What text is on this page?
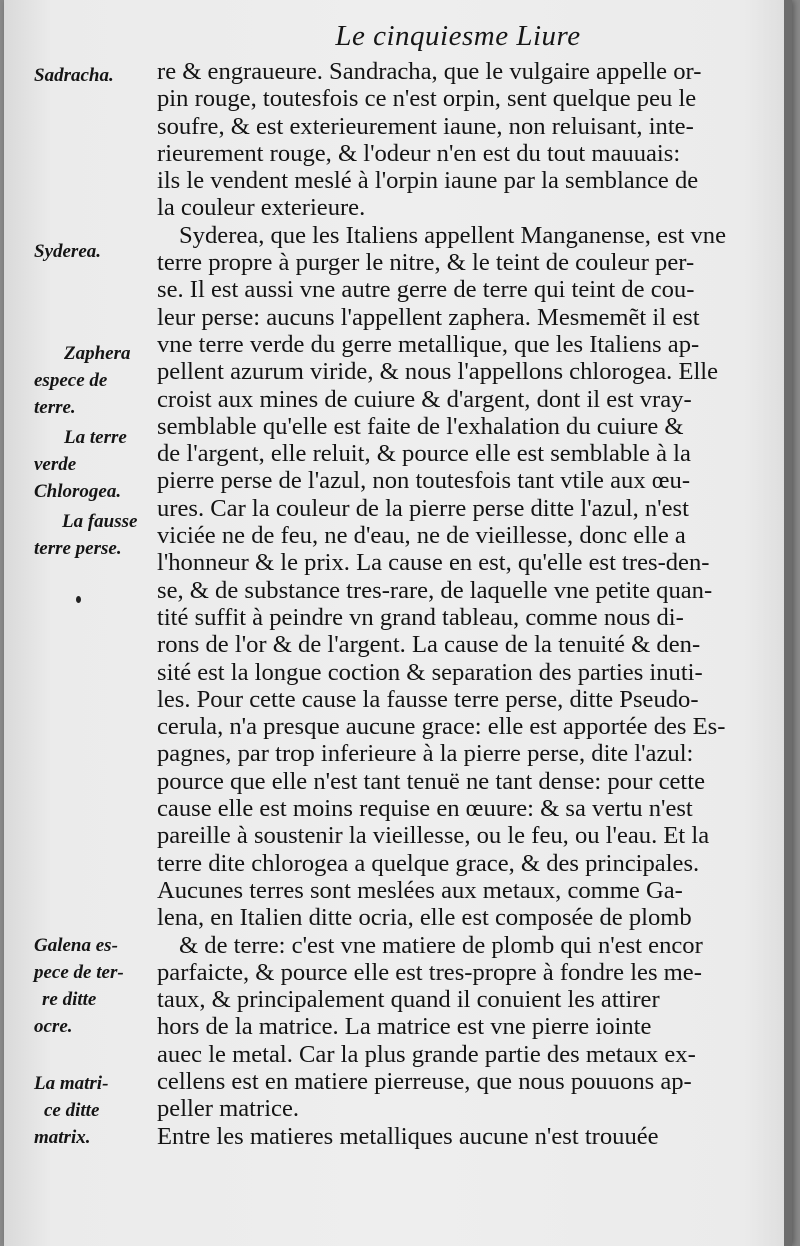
Le cinquiesme Liure
re & engraueure. Sandracha, que le vulgaire appelle or-
pin rouge, toutesfois ce n'est orpin, sent quelque peu le
soufre, & est exterieurement iaune, non reluisant, inte-
rieurement rouge, & l'odeur n'en est du tout mauuais:
ils le vendent meslé à l'orpin iaune par la semblance de
la couleur exterieure.
Syderea, que les Italiens appellent Manganense, est vne
terre propre à purger le nitre, & le teint de couleur per-
se. Il est aussi vne autre gerre de terre qui teint de cou-
leur perse: aucuns l'appellent zaphera. Mesmemẽt il est
vne terre verde du gerre metallique, que les Italiens ap-
pellent azurum viride, & nous l'appellons chlorogea. Elle
croist aux mines de cuiure & d'argent, dont il est vray-
semblable qu'elle est faite de l'exhalation du cuiure &
de l'argent, elle reluit, & pource elle est semblable à la
pierre perse de l'azul, non toutesfois tant vtile aux œu-
ures. Car la couleur de la pierre perse ditte l'azul, n'est
viciée ne de feu, ne d'eau, ne de vieillesse, donc elle a
l'honneur & le prix. La cause en est, qu'elle est tres-den-
se, & de substance tres-rare, de laquelle vne petite quan-
tité suffit à peindre vn grand tableau, comme nous di-
rons de l'or & de l'argent. La cause de la tenuité & den-
sité est la longue coction & separation des parties inuti-
les. Pour cette cause la fausse terre perse, ditte Pseudo-
cerula, n'a presque aucune grace: elle est apportée des Es-
pagnes, par trop inferieure à la pierre perse, dite l'azul:
pource que elle n'est tant tenuë ne tant dense: pour cette
cause elle est moins requise en œuure: & sa vertu n'est
pareille à soustenir la vieillesse, ou le feu, ou l'eau. Et la
terre dite chlorogea a quelque grace, & des principales.
Aucunes terres sont meslées aux metaux, comme Ga-
lena, en Italien ditte ocria, elle est composée de plomb
& de terre: c'est vne matiere de plomb qui n'est encor
parfaicte, & pource elle est tres-propre à fondre les me-
taux, & principalement quand il conuient les attirer
hors de la matrice. La matrice est vne pierre iointe
auec le metal. Car la plus grande partie des metaux ex-
cellens est en matiere pierreuse, que nous pouuons ap-
peller matrice.
Entre les matieres metalliques aucune n'est trouuée
Sadracha.
Syderea.
Zaphera
espece de
terre.
La terre
verde
Chlorogea.
La fausse
terre perse.
Galena es-
pece de ter-
re ditte
ocre.
La matri-
ce ditte
matrix.
